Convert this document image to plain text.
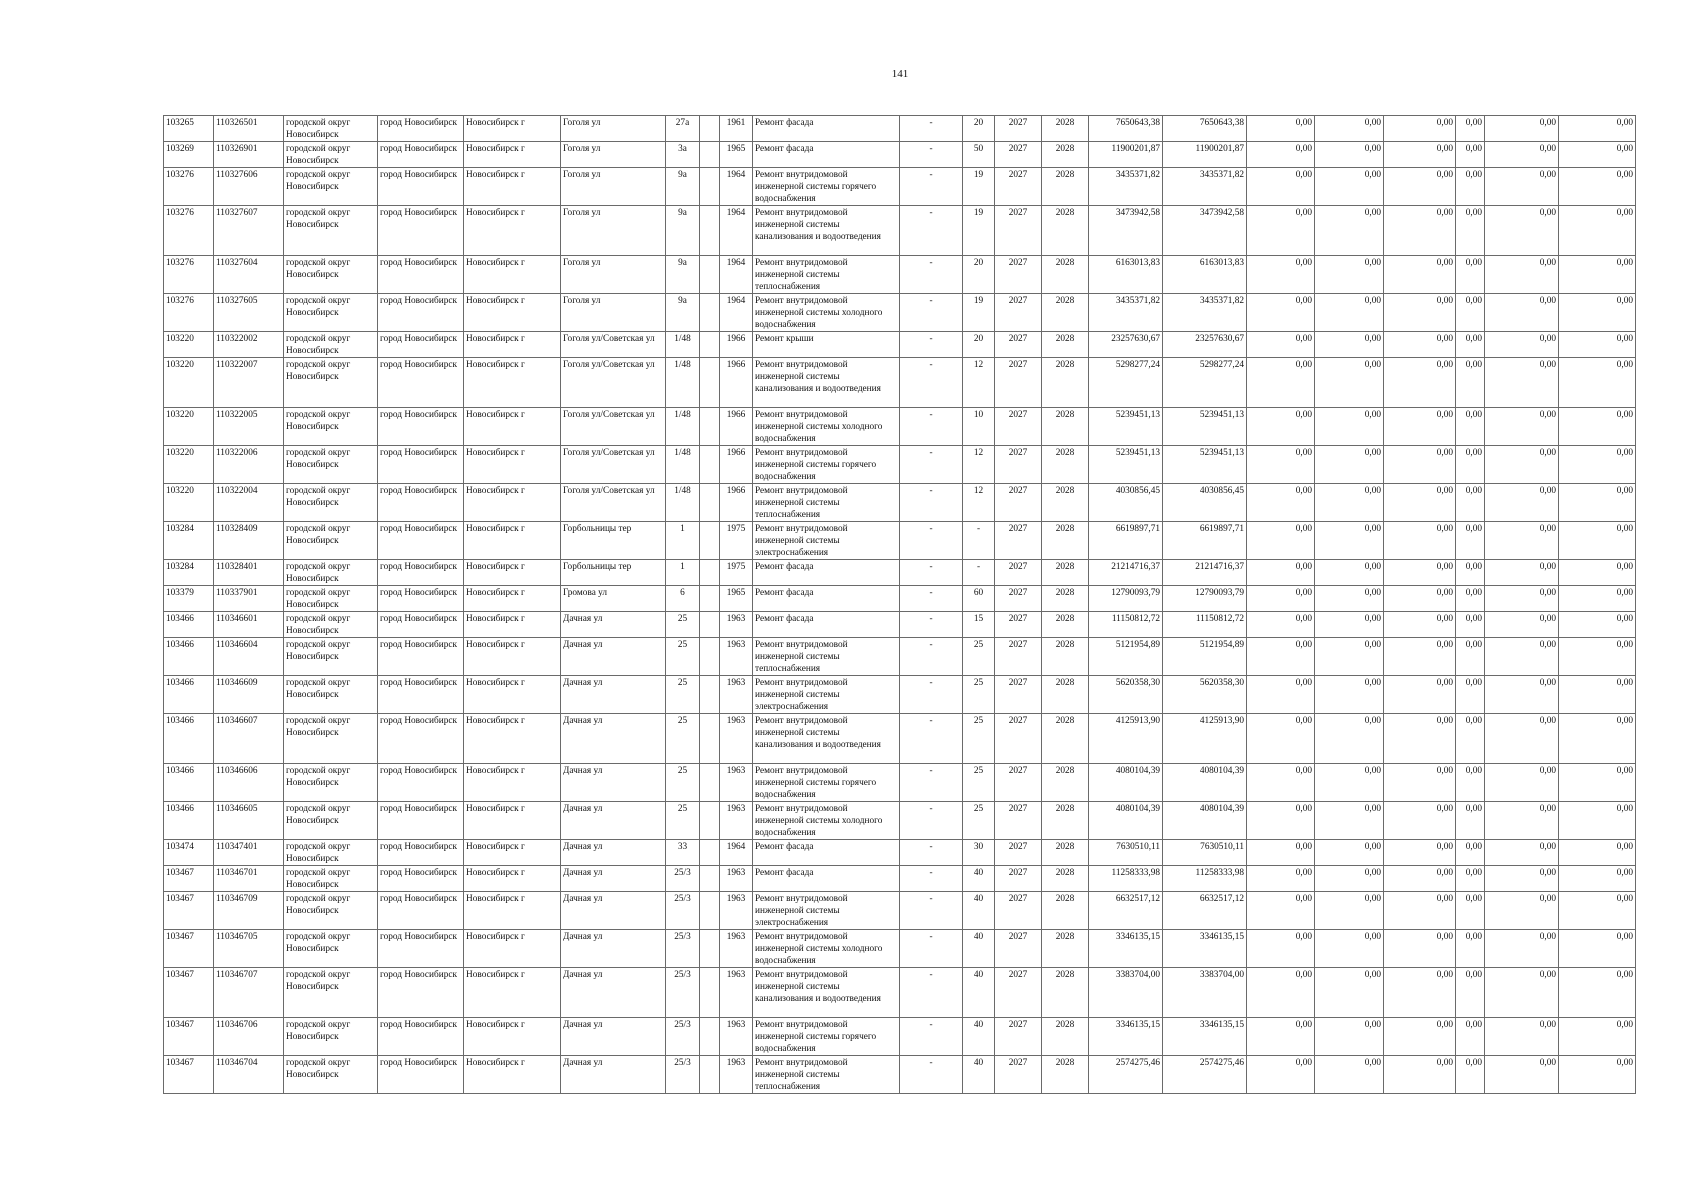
141
103265	110326501	городской округ Новосибирск	город Новосибирск	Новосибирск г	Гоголя ул	27а		1961	Ремонт фасада	-	20	2027	2028	7650643,38	7650643,38	0,00	0,00	0,00	0,00	0,00	0,00
103269	110326901	городской округ Новосибирск	город Новосибирск	Новосибирск г	Гоголя ул	3а		1965	Ремонт фасада	-	50	2027	2028	11900201,87	11900201,87	0,00	0,00	0,00	0,00	0,00	0,00
103276	110327606	городской округ Новосибирск	город Новосибирск	Новосибирск г	Гоголя ул	9а		1964	Ремонт внутридомовой инженерной системы горячего водоснабжения	-	19	2027	2028	3435371,82	3435371,82	0,00	0,00	0,00	0,00	0,00	0,00
103276	110327607	городской округ Новосибирск	город Новосибирск	Новосибирск г	Гоголя ул	9а		1964	Ремонт внутридомовой инженерной системы канализования и водоотведения	-	19	2027	2028	3473942,58	3473942,58	0,00	0,00	0,00	0,00	0,00	0,00
103276	110327604	городской округ Новосибирск	город Новосибирск	Новосибирск г	Гоголя ул	9а		1964	Ремонт внутридомовой инженерной системы теплоснабжения	-	20	2027	2028	6163013,83	6163013,83	0,00	0,00	0,00	0,00	0,00	0,00
103276	110327605	городской округ Новосибирск	город Новосибирск	Новосибирск г	Гоголя ул	9а		1964	Ремонт внутридомовой инженерной системы холодного водоснабжения	-	19	2027	2028	3435371,82	3435371,82	0,00	0,00	0,00	0,00	0,00	0,00
103220	110322002	городской округ Новосибирск	город Новосибирск	Новосибирск г	Гоголя ул/Советская ул	1/48		1966	Ремонт крыши	-	20	2027	2028	23257630,67	23257630,67	0,00	0,00	0,00	0,00	0,00	0,00
103220	110322007	городской округ Новосибирск	город Новосибирск	Новосибирск г	Гоголя ул/Советская ул	1/48		1966	Ремонт внутридомовой инженерной системы канализования и водоотведения	-	12	2027	2028	5298277,24	5298277,24	0,00	0,00	0,00	0,00	0,00	0,00
103220	110322005	городской округ Новосибирск	город Новосибирск	Новосибирск г	Гоголя ул/Советская ул	1/48		1966	Ремонт внутридомовой инженерной системы холодного водоснабжения	-	10	2027	2028	5239451,13	5239451,13	0,00	0,00	0,00	0,00	0,00	0,00
103220	110322006	городской округ Новосибирск	город Новосибирск	Новосибирск г	Гоголя ул/Советская ул	1/48		1966	Ремонт внутридомовой инженерной системы горячего водоснабжения	-	12	2027	2028	5239451,13	5239451,13	0,00	0,00	0,00	0,00	0,00	0,00
103220	110322004	городской округ Новосибирск	город Новосибирск	Новосибирск г	Гоголя ул/Советская ул	1/48		1966	Ремонт внутридомовой инженерной системы теплоснабжения	-	12	2027	2028	4030856,45	4030856,45	0,00	0,00	0,00	0,00	0,00	0,00
103284	110328409	городской округ Новосибирск	город Новосибирск	Новосибирск г	Горбольницы тер	1		1975	Ремонт внутридомовой инженерной системы электроснабжения	-	-	2027	2028	6619897,71	6619897,71	0,00	0,00	0,00	0,00	0,00	0,00
103284	110328401	городской округ Новосибирск	город Новосибирск	Новосибирск г	Горбольницы тер	1		1975	Ремонт фасада	-	-	2027	2028	21214716,37	21214716,37	0,00	0,00	0,00	0,00	0,00	0,00
103379	110337901	городской округ Новосибирск	город Новосибирск	Новосибирск г	Громова ул	6		1965	Ремонт фасада	-	60	2027	2028	12790093,79	12790093,79	0,00	0,00	0,00	0,00	0,00	0,00
103466	110346601	городской округ Новосибирск	город Новосибирск	Новосибирск г	Дачная ул	25		1963	Ремонт фасада	-	15	2027	2028	11150812,72	11150812,72	0,00	0,00	0,00	0,00	0,00	0,00
103466	110346604	городской округ Новосибирск	город Новосибирск	Новосибирск г	Дачная ул	25		1963	Ремонт внутридомовой инженерной системы теплоснабжения	-	25	2027	2028	5121954,89	5121954,89	0,00	0,00	0,00	0,00	0,00	0,00
103466	110346609	городской округ Новосибирск	город Новосибирск	Новосибирск г	Дачная ул	25		1963	Ремонт внутридомовой инженерной системы электроснабжения	-	25	2027	2028	5620358,30	5620358,30	0,00	0,00	0,00	0,00	0,00	0,00
103466	110346607	городской округ Новосибирск	город Новосибирск	Новосибирск г	Дачная ул	25		1963	Ремонт внутридомовой инженерной системы канализования и водоотведения	-	25	2027	2028	4125913,90	4125913,90	0,00	0,00	0,00	0,00	0,00	0,00
103466	110346606	городской округ Новосибирск	город Новосибирск	Новосибирск г	Дачная ул	25		1963	Ремонт внутридомовой инженерной системы горячего водоснабжения	-	25	2027	2028	4080104,39	4080104,39	0,00	0,00	0,00	0,00	0,00	0,00
103466	110346605	городской округ Новосибирск	город Новосибирск	Новосибирск г	Дачная ул	25		1963	Ремонт внутридомовой инженерной системы холодного водоснабжения	-	25	2027	2028	4080104,39	4080104,39	0,00	0,00	0,00	0,00	0,00	0,00
103474	110347401	городской округ Новосибирск	город Новосибирск	Новосибирск г	Дачная ул	33		1964	Ремонт фасада	-	30	2027	2028	7630510,11	7630510,11	0,00	0,00	0,00	0,00	0,00	0,00
103467	110346701	городской округ Новосибирск	город Новосибирск	Новосибирск г	Дачная ул	25/3		1963	Ремонт фасада	-	40	2027	2028	11258333,98	11258333,98	0,00	0,00	0,00	0,00	0,00	0,00
103467	110346709	городской округ Новосибирск	город Новосибирск	Новосибирск г	Дачная ул	25/3		1963	Ремонт внутридомовой инженерной системы электроснабжения	-	40	2027	2028	6632517,12	6632517,12	0,00	0,00	0,00	0,00	0,00	0,00
103467	110346705	городской округ Новосибирск	город Новосибирск	Новосибирск г	Дачная ул	25/3		1963	Ремонт внутридомовой инженерной системы холодного водоснабжения	-	40	2027	2028	3346135,15	3346135,15	0,00	0,00	0,00	0,00	0,00	0,00
103467	110346707	городской округ Новосибирск	город Новосибирск	Новосибирск г	Дачная ул	25/3		1963	Ремонт внутридомовой инженерной системы канализования и водоотведения	-	40	2027	2028	3383704,00	3383704,00	0,00	0,00	0,00	0,00	0,00	0,00
103467	110346706	городской округ Новосибирск	город Новосибирск	Новосибирск г	Дачная ул	25/3		1963	Ремонт внутридомовой инженерной системы горячего водоснабжения	-	40	2027	2028	3346135,15	3346135,15	0,00	0,00	0,00	0,00	0,00	0,00
103467	110346704	городской округ Новосибирск	город Новосибирск	Новосибирск г	Дачная ул	25/3		1963	Ремонт внутридомовой инженерной системы теплоснабжения	-	40	2027	2028	2574275,46	2574275,46	0,00	0,00	0,00	0,00	0,00	0,00
